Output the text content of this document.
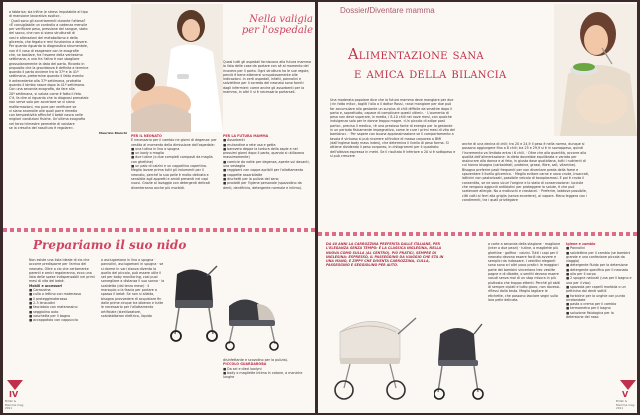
o fabbrica; sia infine (e stress imputabile al tipo

di mansione lavorativa svolto».

· Quali sono gli accertamenti durante l'attesa?

«È consigliabile un controllo a cadenza mensile

per verificare peso, pressione del sangue, stato

del sacco, che non si siano strutturati di

vasi e alterazioni del metabolismo e della

glicemia, che fegato e reni funzionino a dovere.

Per quanto riguarda la diagnostica strumentale,

non è il caso di esagerare con le ecografie

che, se basilare, fra l'esame della ventesima

settimana, a una fra l'altro è non sbagliare

grossolanamente la data del parto. Ricordo in

proposito che la gravidanza è definita a termine

quando il parto avviene tra la 37ª e la 41ª

settimana, pretermine quando il fatto evento

è antecedente alla 37ª settimana, protratta

quando il bimbo nasce dopo la 41ª settimana.

Con una seconda ecografia, da fare alla

20ª settimana, si valuta come è fatto il feto.

C'è, fa dire al riguardo che la diagnosi prenatale

non serve solo per accertare se vi siano

malformazioni, ma pure per verificare se

vi siano anomalie alle quali porre rimedio

con tempestività affinché il bebè nasca nelle

migliori condizioni fisiche. Un'ultima ecografia

nel terzo trimestre permette di valutare

se la crescita del nascituro è regolare».

Maurizio Bianchi

Nella valigia
per l'ospedale

Quasi tutti gli ospedali forniscono alla futura mamma la lista delle cose da portare con sé al momento del ricovero per il parto. Ogni struttura ha le sue regole, perciò è bene attenersi scrupolosamente alle indicazioni. In certi ospedali, infatti, pannolini e salviettine per il corredo del neonato sono forniti dagli infermieri: come anche gli assorbenti per la mamma, in altri li si è necessario portarseli.

PER IL NEONATO

È necessario per il cambio ne giorni di degenza: per vestito al momento della dimissione dall'ospedale:

■ una tutina in lino o spugna

■ un body o maglia

■ due tutine (o due completi composti da maglia con ghettine)

■ un paio di calzini e un cappellino copertina.

Meglio lavare prima tutti gli indumenti per il neonato, perché la sua pelle è molto delicata e sensibile agli appretti e amidi presenti nei capi nuovi. Grazie al lavaggio con detergenti delicati diventeranno anche più morbidi.

PER LA FUTURA MAMMA

■ Assorbenti

■ mutandine a rete usa e getta

■ barovero deppe la tortura della aspie e nei prossimi giorni dopo il parto, quando si utilizzano massimamente)

■ camicie da notte per degenza, aperte sul davanti, una vestaglia

■ reggiseni con coppe apribili per l'allattamento

■ coppette assorbilatte

■ dischetti per la pulizia del seno

■ prodotti per l'igiene personale (spazzolino da denti, dentifricio, detergente normale e intimo).

Prepariamo il suo nido

Non esiste una lista ideale di cio che occorre predisporre per l'arrivo del neonato. Oltre a cio che certamente parenti e amici regaleranno, ecco una lista delle spese indispensabili nei primi mesi di vita del bebè.

Mobili e accessori

■ Carrozzina

■ culla o lettino con materasso

■ il proteggimaterasso

■ 2-3 lenzuolini

■ fasciatoio con materassino

■ seggiolino auto

■ vaschetta per il bagno

■ accappatoio con cappuccio

o asciugamano in lino o spugna · pannolini, asciugamani in spugna · se si dorme in vari stanza diventa la quella del piccolo, può essere utile il set per baby monitoring, cosi puoi sorvegliare a distanza il suo sonno · la scaldetta (dal terzo mese) · il marsupio o la fascia per portare a spasso il bebè. Se non si allatta, bisogna provvedere di acquistare fin dalle prime cinque tra biberon e tutte le necessario per l'allattamento artificiale (sterilizzatore, scaldabiberon elettrico, liquido

disinfettante e scovolino per la pulizia).

PICCOLO GUARDAROBA

■ Da sei e dieci bodyni

■ body o magliette intima in cotone, a maniche lunghe

IV
Bimbi & Mamme mag 2011
Dossier/Diventare mamma
Alimentazione sana
e amica della bilancia

Una moderata popolare dice che la futura mamma deve mangiare per due («In fotto mito», togliti l'olio a il dottor Rossi, «anzi mangiare per due può far accumulare alla gestante un surplus di chili difficile da smaltire dopo il parto e, soprattutto, capace di complicare questi ultimi». · L'aumento di peso non deve superare, in media, i 8-10 chili nei nove mesi, con qualche indulgenza solo per le donne troppo magre. «Un piccolo di adipe post parto», precisa il medico, «è una preziosa fonte di energia per la gestante in un periodo fisicamente impegnativo, come le cure i primi mesi di vita del bambino». · Per sapere con buona approssimazione se il comportamento a tavola è virtuoso si può ricorrere all'indice di massa corporea o BMI (dall'inglese body mass index), che determina il livello di peso forma. Si ottiene dividendo il peso corporeo, in chilogrammi per il quadrato dell'altezza espressa in metri. Se il risultato è inferiore a 20 si è sottopeso e si può crescere

anche di una decina di chili; tra 20 e 24,9 il peso è nella norma, dunque si possono aggiungere fino a 8 chili; tra 25 e 29,9 si è in sovrappeso, quindi l'incremento va limitato entro i 6 chili. · Oltre che alla quantità, occorre alla qualità dell'alimentazione: la dieta dovrebbe equilibrata e variata per assicurare alla donna e al feto, in giusta dose quotidiana, tutti i nutrienti di cui hanno bisogno (carboidrati, proteine, grassi, fibre, sali, vitamine). Bisogna preferire pasti frequenti per non diventare preda della fame e spaventare il livello glicemico. · Meglio evitare carne e uova crude, insaccati, latticini non pastorizzati, possibile veicolo di toxoplasmosi. E poi è crudo il consentito, se ne sono sicuri l'origine e lo stato di conservazione: lucciole che vengono aggiunti antibiotici per proteggere la salute, è che può scatenare allergie. No a molluschi e crostacei. · Preferire, laddove possibile, citti cotti ai ferri alla griglia (senza eccedere), al vapore. Mano leggera con i condimenti, tra i quali privilegiare

DA 40 ANNI LA CARROZZINA PREFERITA DALLE ITALIANE, PER L'ELEGANZA SENZA TEMPO: È LA CLASSICA INGLESINA, NELLA NUOVA COMO SULLA (AL CENTRO). PIÙ PRATICI, SEMPRE DI INGLESINA: ESPRESSO, IL PASSEGGINO DA VIAGGIO CHE STA IN UNA MANO, E ZIPPY CHE DIVENTA CARROZZINA, CULLA, PASSEGGINO E SEGGIOLINO PER AUTO.

a corte a seconda della stagione · maglione (inter o due pezzi) · tutine, o magliette più ghettine · golfino · calzini. Tutti i capi per il neonato devono essere facili da avvere e semplici da indossare. I vestitini eleganti sono sono srl altri poco pratici: le maggiori parte dei bambini sinceriano trec vestite pagne e di dibatte, o sentiti devono essere vasuti senza mai di un stop misura in più piuttosto che troppo ettenti. Perché gli abiti di sempre ciplati e tutto gioco, non dovessi-riflessi dalla testa. Meglio tagliare le etichette, che possono lasciare segni sulla loro pelle delicata.

Igiene e cambio

■ Pannolini

■ salviettine per il cambio (se bambini grande e una confezione piccola da viaggio)

■ detergente fluido per la detersione

■ detergente specifico per il neonato

■ olio per il corpo

■ 2 spugne naturali (una per il bagno e una per il viso)

■ spazzola per capelli morbida o un pettinino dai denti sottili

■ forbicine per la unghie con punta arrotondate

■ pasta o crema per il cambio

■ termometro per il bagno

■ soluzione fisiologica per la detersione del naso

V
Bimbi & Mamme mag 2011
